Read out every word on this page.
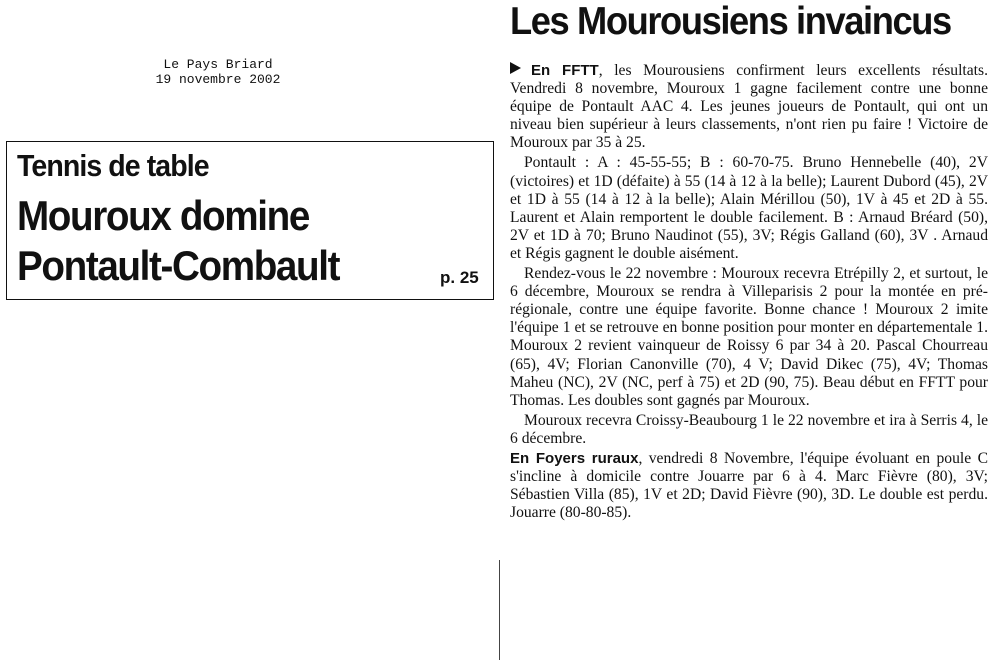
Le Pays Briard
19 novembre 2002
Tennis de table
Mouroux domine
Pontault-Combault	p. 25
Les Mourousiens invaincus

En FFTT, les Mourousiens confirment leurs excellents résultats. Vendredi 8 novembre, Mouroux 1 gagne facilement contre une bonne équipe de Pontault AAC 4. Les jeunes joueurs de Pontault, qui ont un niveau bien supérieur à leurs classements, n'ont rien pu faire ! Victoire de Mouroux par 35 à 25.

Pontault : A : 45-55-55; B : 60-70-75. Bruno Hennebelle (40), 2V (victoires) et 1D (défaite) à 55 (14 à 12 à la belle); Laurent Dubord (45), 2V et 1D à 55 (14 à 12 à la belle); Alain Mérillou (50), 1V à 45 et 2D à 55. Laurent et Alain remportent le double facilement. B : Arnaud Bréard (50), 2V et 1D à 70; Bruno Naudinot (55), 3V; Régis Galland (60), 3V . Arnaud et Régis gagnent le double aisément.

Rendez-vous le 22 novembre : Mouroux recevra Etrépilly 2, et surtout, le 6 décembre, Mouroux se rendra à Villeparisis 2 pour la montée en pré-régionale, contre une équipe favorite. Bonne chance ! Mouroux 2 imite l'équipe 1 et se retrouve en bonne position pour monter en départementale 1. Mouroux 2 revient vainqueur de Roissy 6 par 34 à 20. Pascal Chourreau (65), 4V; Florian Canonville (70), 4 V; David Dikec (75), 4V; Thomas Maheu (NC), 2V (NC, perf à 75) et 2D (90, 75). Beau début en FFTT pour Thomas. Les doubles sont gagnés par Mouroux.

Mouroux recevra Croissy-Beaubourg 1 le 22 novembre et ira à Serris 4, le 6 décembre.

En Foyers ruraux, vendredi 8 Novembre, l'équipe évoluant en poule C s'incline à domicile contre Jouarre par 6 à 4. Marc Fièvre (80), 3V; Sébastien Villa (85), 1V et 2D; David Fièvre (90), 3D. Le double est perdu. Jouarre (80-80-85).
